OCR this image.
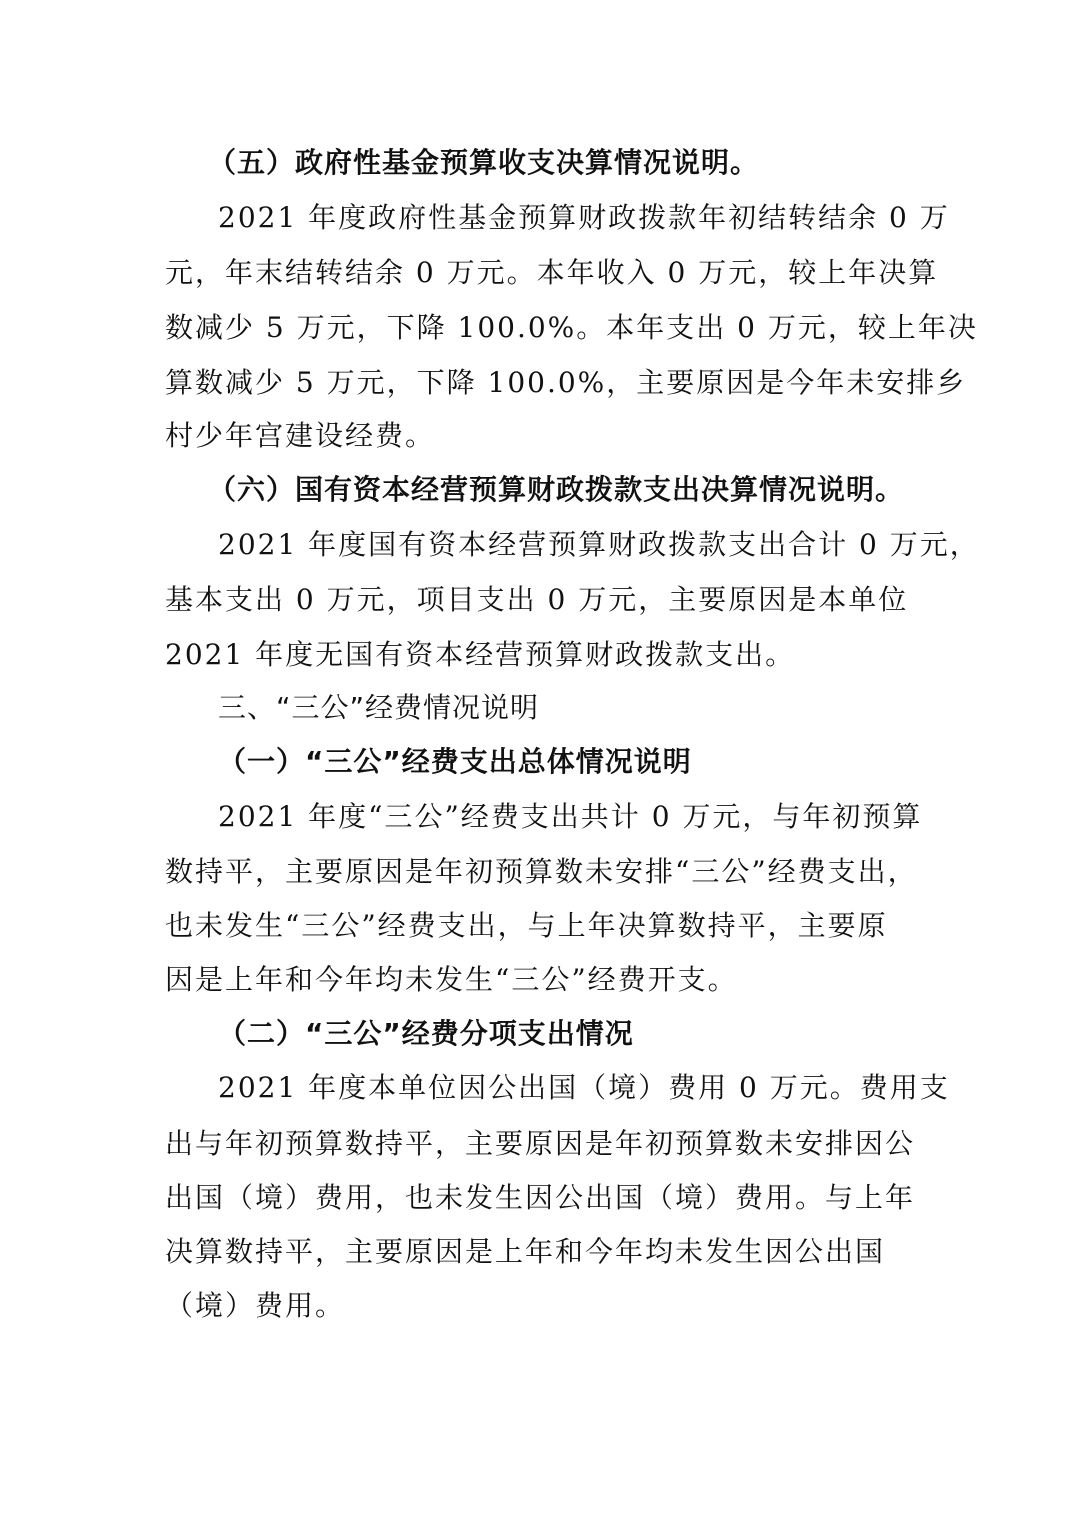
（五）政府性基金预算收支决算情况说明。
2021 年度政府性基金预算财政拨款年初结转结余 0 万
元，年末结转结余 0 万元。本年收入 0 万元，较上年决算
数减少 5 万元，下降 100.0%。本年支出 0 万元，较上年决
算数减少 5 万元，下降 100.0%，主要原因是今年未安排乡
村少年宫建设经费。
（六）国有资本经营预算财政拨款支出决算情况说明。
2021 年度国有资本经营预算财政拨款支出合计 0 万元，
基本支出 0 万元，项目支出 0 万元，主要原因是本单位
2021 年度无国有资本经营预算财政拨款支出。
三、“三公”经费情况说明
（一）“三公”经费支出总体情况说明
2021 年度“三公”经费支出共计 0 万元，与年初预算
数持平，主要原因是年初预算数未安排“三公”经费支出，
也未发生“三公”经费支出，与上年决算数持平，主要原
因是上年和今年均未发生“三公”经费开支。
（二）“三公”经费分项支出情况
2021 年度本单位因公出国（境）费用 0 万元。费用支
出与年初预算数持平，主要原因是年初预算数未安排因公
出国（境）费用，也未发生因公出国（境）费用。与上年
决算数持平，主要原因是上年和今年均未发生因公出国
（境）费用。
